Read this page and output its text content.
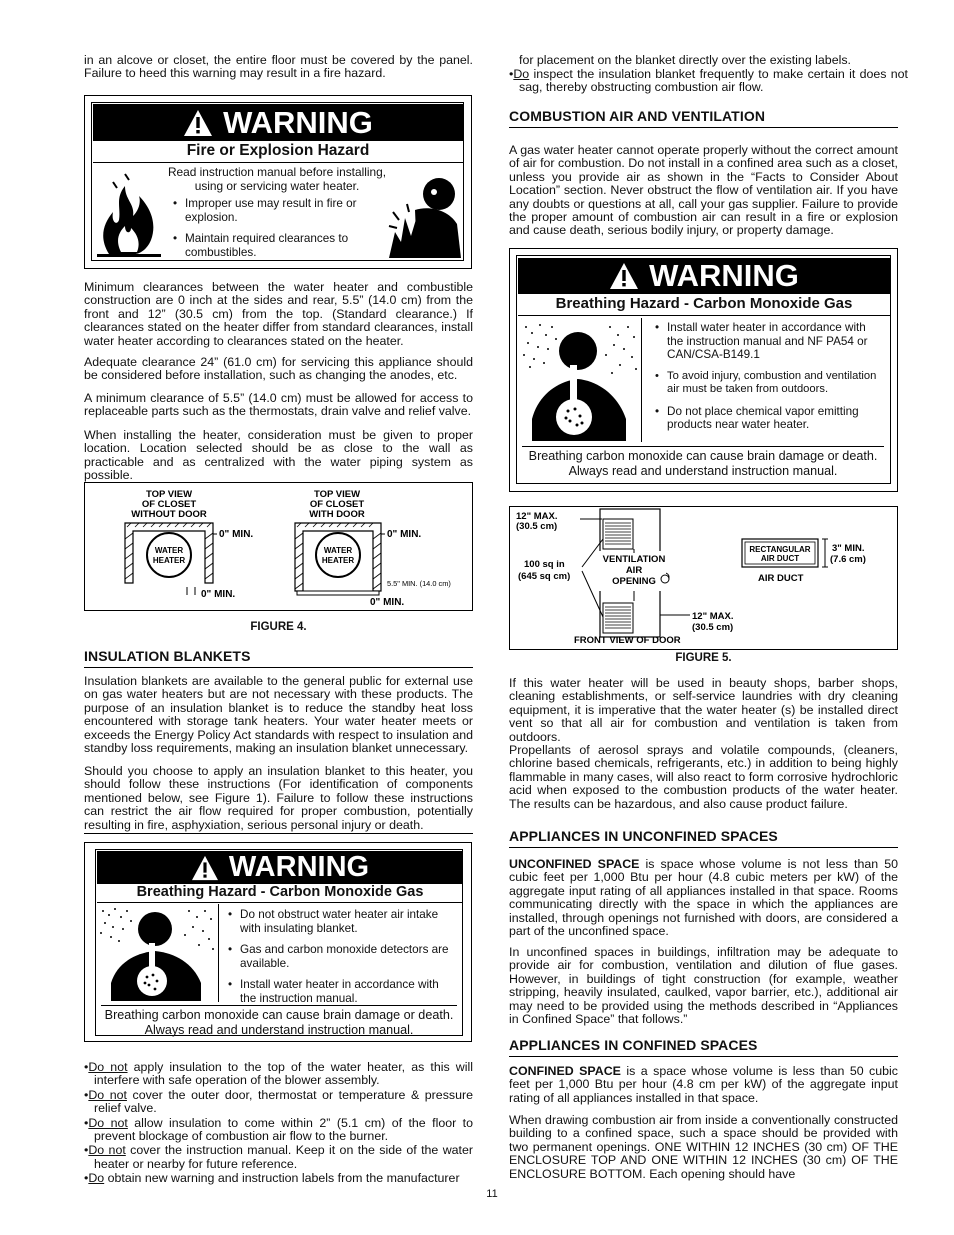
in an alcove or closet, the entire floor must be covered by the panel. Failure to heed this warning may result in a fire hazard.

WARNING
Fire or Explosion Hazard
Read instruction manual before installing, using or servicing water heater.
• Improper use may result in fire or explosion.
• Maintain required clearances to combustibles.

Minimum clearances between the water heater and combustible construction are 0 inch at the sides and rear, 5.5” (14.0 cm) from the front and 12” (30.5 cm) from the top. (Standard clearance.) If clearances stated on the heater differ from standard clearances, install water heater according to clearances stated on the heater.

Adequate clearance 24” (61.0 cm) for servicing this appliance should be considered before installation, such as changing the anodes, etc.

A minimum clearance of 5.5” (14.0 cm) must be allowed for access to replaceable parts such as the thermostats, drain valve and relief valve.

When installing the heater, consideration must be given to proper location. Location selected should be as close to the wall as practicable and as centralized with the water piping system as possible.

TOP VIEW
OF CLOSET
WITHOUT DOOR
WATER
HEATER
0" MIN.
0" MIN.
TOP VIEW
OF CLOSET
WITH DOOR
WATER
HEATER
0" MIN.
5.5" MIN. (14.0 cm)
0" MIN.
FIGURE 4.
INSULATION BLANKETS

Insulation blankets are available to the general public for external use on gas water heaters but are not necessary with these products. The purpose of an insulation blanket is to reduce the standby heat loss encountered with storage tank heaters. Your water heater meets or exceeds the Energy Policy Act standards with respect to insulation and standby loss requirements, making an insulation blanket unnecessary.

Should you choose to apply an insulation blanket to this heater, you should follow these instructions (For identification of components mentioned below, see Figure 1). Failure to follow these instructions can restrict the air flow required for proper combustion, potentially resulting in fire, asphyxiation, serious personal injury or death.

WARNING
Breathing Hazard - Carbon Monoxide Gas
• Do not obstruct water heater air intake with insulating blanket.
• Gas and carbon monoxide detectors are available.
• Install water heater in accordance with the instruction manual.
Breathing carbon monoxide can cause brain damage or death. Always read and understand instruction manual.

•Do not apply insulation to the top of the water heater, as this will interfere with safe operation of the blower assembly.

•Do not cover the outer door, thermostat or temperature & pressure relief valve.

•Do not allow insulation to come within 2” (5.1 cm) of the floor to prevent blockage of combustion air flow to the burner.

•Do not cover the instruction manual. Keep it on the side of the water heater or nearby for future reference.

•Do obtain new warning and instruction labels from the manufacturer

for placement on the blanket directly over the existing labels.

•Do inspect the insulation blanket frequently to make certain it does not sag, thereby obstructing combustion air flow.

COMBUSTION AIR AND VENTILATION

A gas water heater cannot operate properly without the correct amount of air for combustion. Do not install in a confined area such as a closet, unless you provide air as shown in the “Facts to Consider About Location” section. Never obstruct the flow of ventilation air. If you have any doubts or questions at all, call your gas supplier. Failure to provide the proper amount of combustion air can result in a fire or explosion and cause death, serious bodily injury, or property damage.

WARNING
Breathing Hazard - Carbon Monoxide Gas
• Install water heater in accordance with the instruction manual and NF PA54 or CAN/CSA-B149.1
• To avoid injury, combustion and ventilation air must be taken from outdoors.
• Do not place chemical vapor emitting products near water heater.
Breathing carbon monoxide can cause brain damage or death. Always read and understand instruction manual.
12" MAX.
(30.5 cm)
100 sq in
(645 sq cm)
VENTILATION
AIR
OPENING
12" MAX.
(30.5 cm)
FRONT VIEW OF DOOR
RECTANGULAR
AIR DUCT
3" MIN.
(7.6 cm)
AIR DUCT
FIGURE 5.

If this water heater will be used in beauty shops, barber shops, cleaning establishments, or self-service laundries with dry cleaning equipment, it is imperative that the water heater (s) be installed direct vent so that all air for combustion and ventilation is taken from outdoors.

Propellants of aerosol sprays and volatile compounds, (cleaners, chlorine based chemicals, refrigerants, etc.) in addition to being highly flammable in many cases, will also react to form corrosive hydrochloric acid when exposed to the combustion products of the water heater. The results can be hazardous, and also cause product failure.

APPLIANCES IN UNCONFINED SPACES

UNCONFINED SPACE is space whose volume is not less than 50 cubic feet per 1,000 Btu per hour (4.8 cubic meters per kW) of the aggregate input rating of all appliances installed in that space. Rooms communicating directly with the space in which the appliances are installed, through openings not furnished with doors, are considered a part of the unconfined space.

In unconfined spaces in buildings, infiltration may be adequate to provide air for combustion, ventilation and dilution of flue gases. However, in buildings of tight construction (for example, weather stripping, heavily insulated, caulked, vapor barrier, etc.), additional air may need to be provided using the methods described in “Appliances in Confined Space” that follows.”

APPLIANCES IN CONFINED SPACES

CONFINED SPACE is a space whose volume is less than 50 cubic feet per 1,000 Btu per hour (4.8 cm per kW) of the aggregate input rating of all appliances installed in that space.

When drawing combustion air from inside a conventionally constructed building to a confined space, such a space should be provided with two permanent openings. ONE WITHIN 12 INCHES (30 cm) OF THE ENCLOSURE TOP AND ONE WITHIN 12 INCHES (30 cm) OF THE ENCLOSURE BOTTOM. Each opening should have

11
